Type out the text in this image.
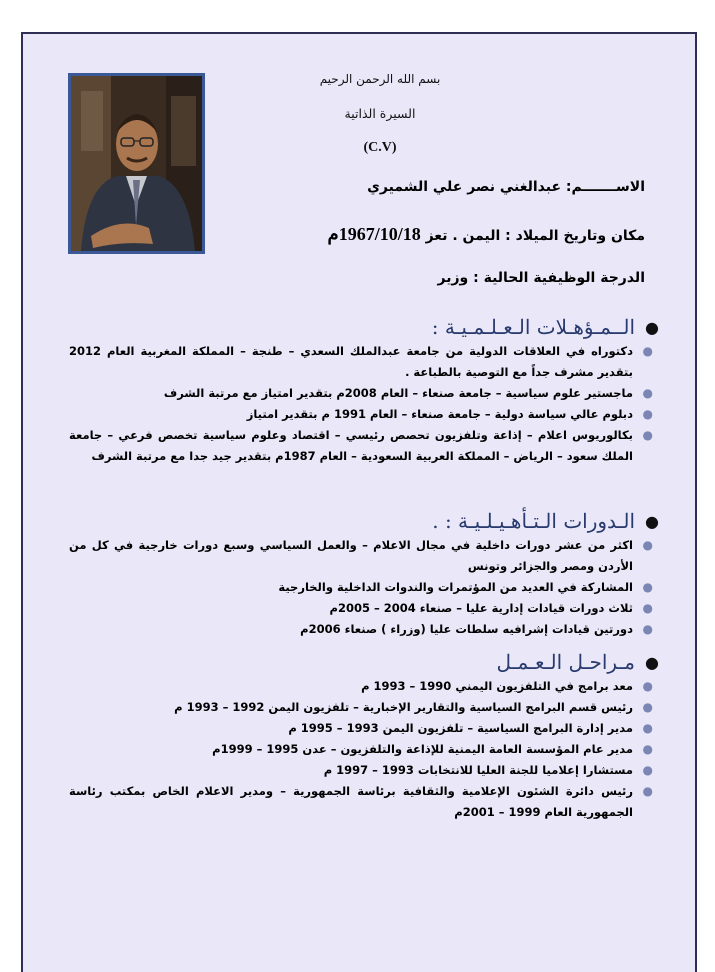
بسم الله الرحمن الرحيم
السيرة الذاتية
(C.V)
الاســـــــم: عبدالغني نصر علي الشميري
مكان وتاريخ الميلاد : اليمن . تعز 1967/10/18م
الدرجة الوظيفية الحالية : وزير
●
الــمـؤهـلات الـعـلـمـيـة :
●
دكتوراه في العلاقات الدولية من جامعة عبدالملك السعدي – طنجة – المملكة المغربية العام 2012 بتقدير مشرف جداً مع التوصية بالطباعة .
●
ماجستير علوم سياسية – جامعة صنعاء – العام 2008م بتقدير امتياز مع مرتبة الشرف
●
دبلوم عالي سياسة دولية – جامعة صنعاء – العام 1991 م بتقدير امتياز
●
بكالوريوس اعلام – إذاعة وتلفزيون تحصص رئيسي – اقتصاد وعلوم سياسية تخصص فرعي – جامعة الملك سعود – الرياض – المملكة العربية السعودية – العام 1987م بتقدير جيد جدا مع مرتبة الشرف
●
الـدورات الـتـأهـيـلـيـة : .
●
اكثر من عشر دورات داخلية في مجال الاعلام – والعمل السياسي وسبع دورات خارجية في كل من الأردن ومصر والجزائر وتونس
●
المشاركة في العديد من المؤتمرات والندوات الداخلية والخارجية
●
ثلاث دورات قيادات إدارية عليا – صنعاء 2004 – 2005م
●
دورتين قيادات إشرافيه سلطات عليا (وزراء ) صنعاء 2006م
●
مـراحـل الـعـمـل
●
معد برامج في التلفزيون اليمني 1990 – 1993 م
●
رئيس قسم البرامج السياسية والتقارير الإخبارية – تلفزيون اليمن 1992 – 1993 م
●
مدير إدارة البرامج السياسية – تلفزيون اليمن 1993 – 1995 م
●
مدير عام المؤسسة العامة اليمنية للإذاعة والتلفزيون – عدن 1995 – 1999م
●
مستشارا إعلاميا للجنة العليا للانتخابات 1993 – 1997 م
●
رئيس دائرة الشئون الإعلامية والثقافية برئاسة الجمهورية – ومدير الاعلام الخاص بمكتب رئاسة الجمهورية العام 1999 – 2001م
